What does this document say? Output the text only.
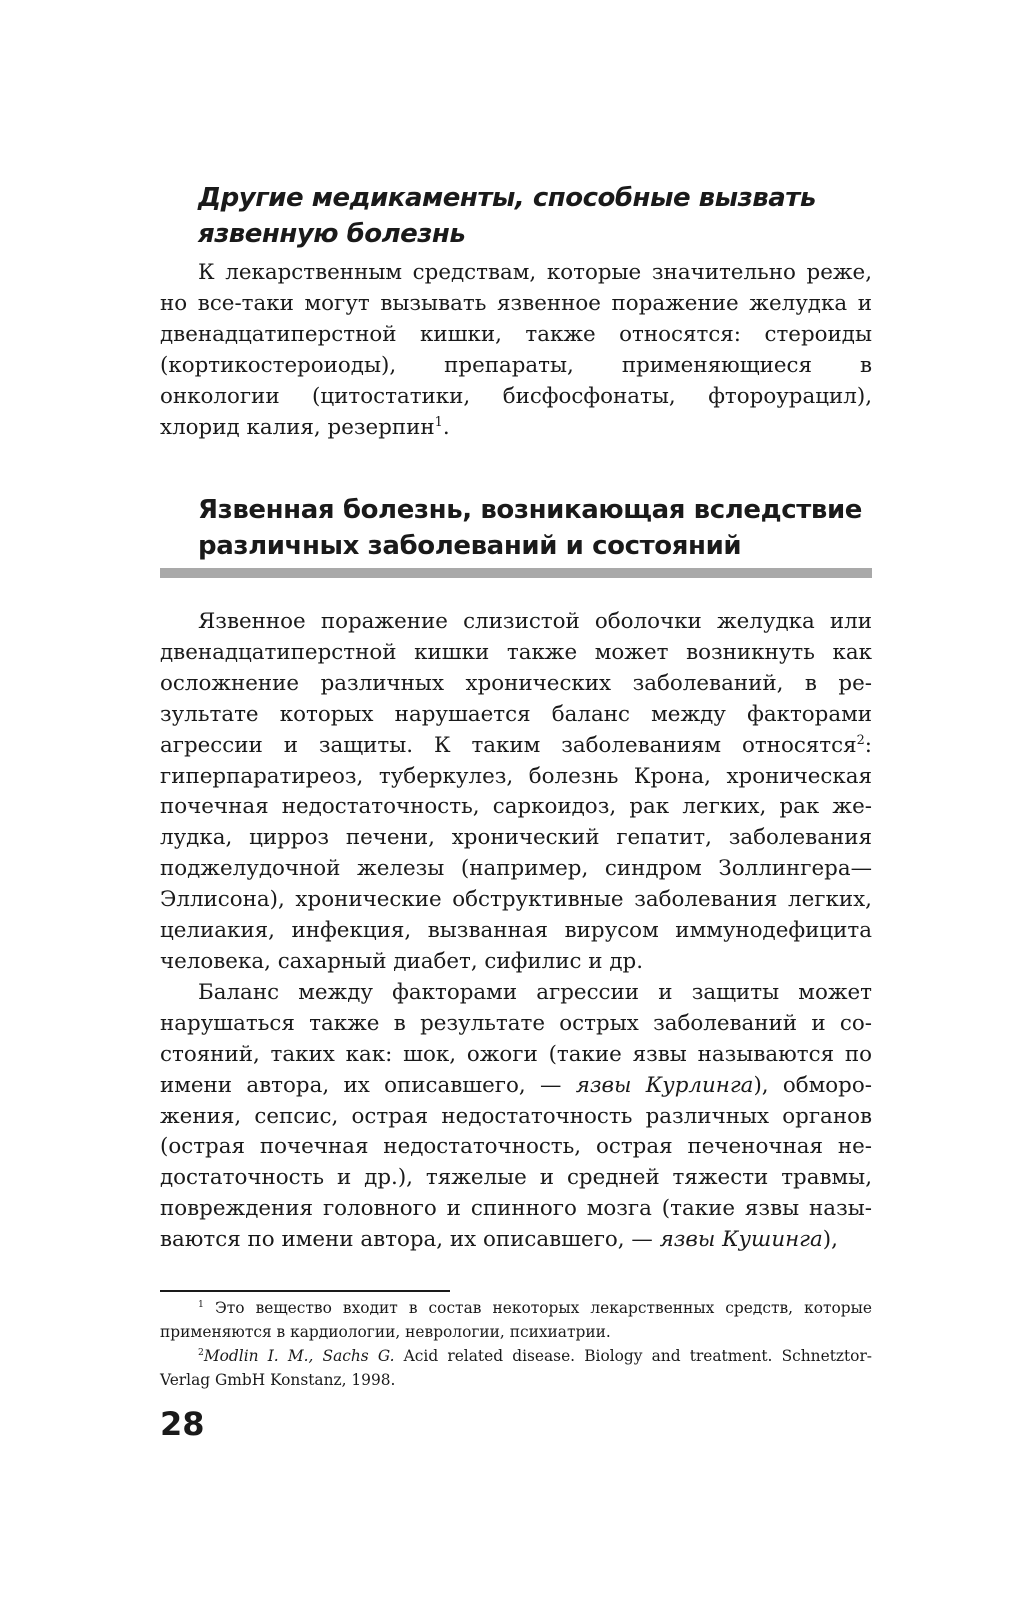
Другие медикаменты, способные вызвать
язвенную болезнь

К лекарственным средствам, которые значительно реже, но все-таки могут вызывать язвенное поражение желудка и двенадцатиперстной кишки, также относятся: стероиды (кортикостероиоды), препараты, применяющиеся в онкологии (цитостатики, бисфосфонаты, фтороурацил), хлорид калия, резерпин$^1$.

Язвенная болезнь, возникающая вследствие
различных заболеваний и состояний

Язвенное поражение слизистой оболочки желудка или двенадцатиперстной кишки также может возникнуть как осложнение различных хронических заболеваний, в результате которых нарушается баланс между факторами агрессии и защиты. К таким заболеваниям относятся$^2$: гиперпаратиреоз, туберкулез, болезнь Крона, хроническая почечная недостаточность, саркоидоз, рак легких, рак желудка, цирроз печени, хронический гепатит, заболевания поджелудочной железы (например, синдром Золлингера—Эллисона), хронические обструктивные заболевания легких, целиакия, инфекция, вызванная вирусом иммунодефицита человека, сахарный диабет, сифилис и др.

Баланс между факторами агрессии и защиты может нарушаться также в результате острых заболеваний и состояний, таких как: шок, ожоги (такие язвы называются по имени автора, их описавшего, — язвы Курлинга), обморожения, сепсис, острая недостаточность различных органов (острая почечная недостаточность, острая печеночная недостаточность и др.), тяжелые и средней тяжести травмы, повреждения головного и спинного мозга (такие язвы называются по имени автора, их описавшего, — язвы Кушинга),

$^1$ Это вещество входит в состав некоторых лекарственных средств, которые применяются в кардиологии, неврологии, психиатрии.

$^2$Modlin I. M., Sachs G. Acid related disease. Biology and treatment. Schnetztor-Verlag GmbH Konstanz, 1998.

28
